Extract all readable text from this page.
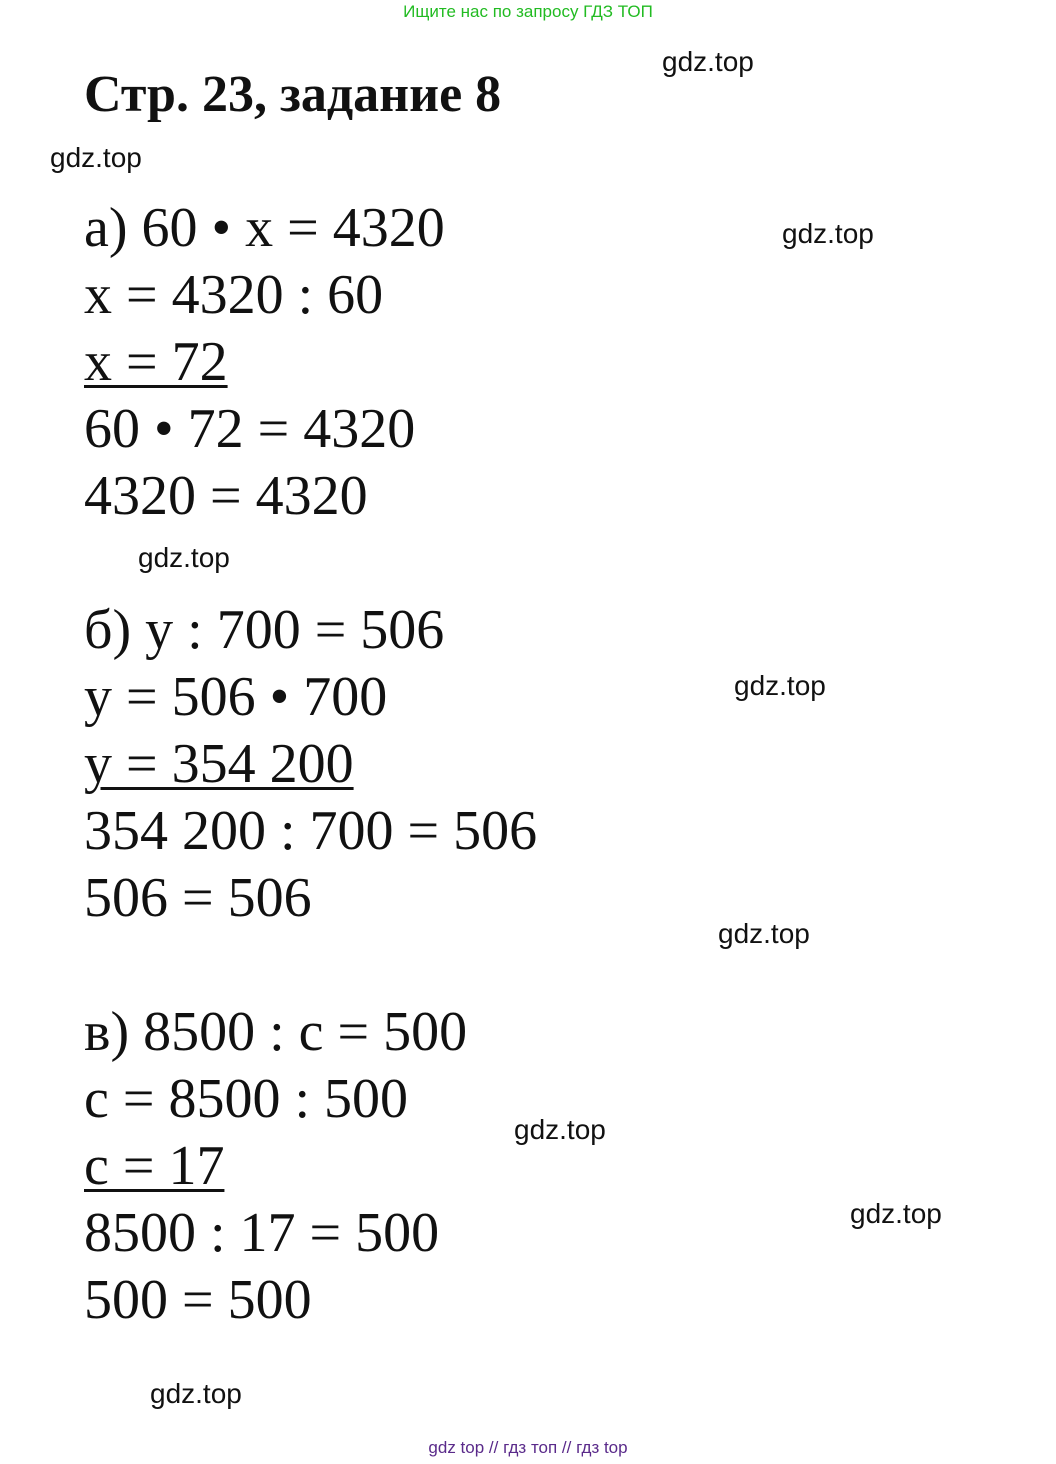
Ищите нас по запросу ГДЗ ТОП
Стр. 23, задание 8
gdz.top
gdz.top
gdz.top
gdz.top
gdz.top
gdz.top
gdz.top
gdz.top
gdz.top
а) 60 • x = 4320
x = 4320 : 60
x = 72
60 • 72 = 4320
4320 = 4320
б) у : 700 = 506
у = 506 • 700
у = 354 200
354 200 : 700 = 506
506 = 506
в) 8500 : с = 500
с = 8500 : 500
с = 17
8500 : 17 = 500
500 = 500
gdz top // гдз топ // гдз top
